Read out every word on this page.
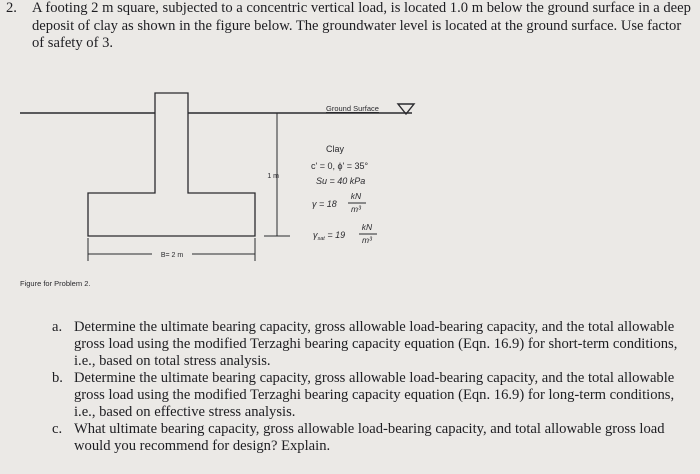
2. A footing 2 m square, subjected to a concentric vertical load, is located 1.0 m below the ground surface in a deep deposit of clay as shown in the figure below. The groundwater level is located at the ground surface. Use factor of safety of 3.
1 m
Ground Surface
Clay
c' = 0, ϕ' = 35°
Su = 40 kPa
γ = 18
kN
m³
$\gamma_{sat} = 19$
kN
m³
B= 2 m
Figure for Problem 2.
a. Determine the ultimate bearing capacity, gross allowable load-bearing capacity, and the total allowable gross load using the modified Terzaghi bearing capacity equation (Eqn. 16.9) for short-term conditions, i.e., based on total stress analysis.
b. Determine the ultimate bearing capacity, gross allowable load-bearing capacity, and the total allowable gross load using the modified Terzaghi bearing capacity equation (Eqn. 16.9) for long-term conditions, i.e., based on effective stress analysis.
c. What ultimate bearing capacity, gross allowable load-bearing capacity, and total allowable gross load would you recommend for design? Explain.
